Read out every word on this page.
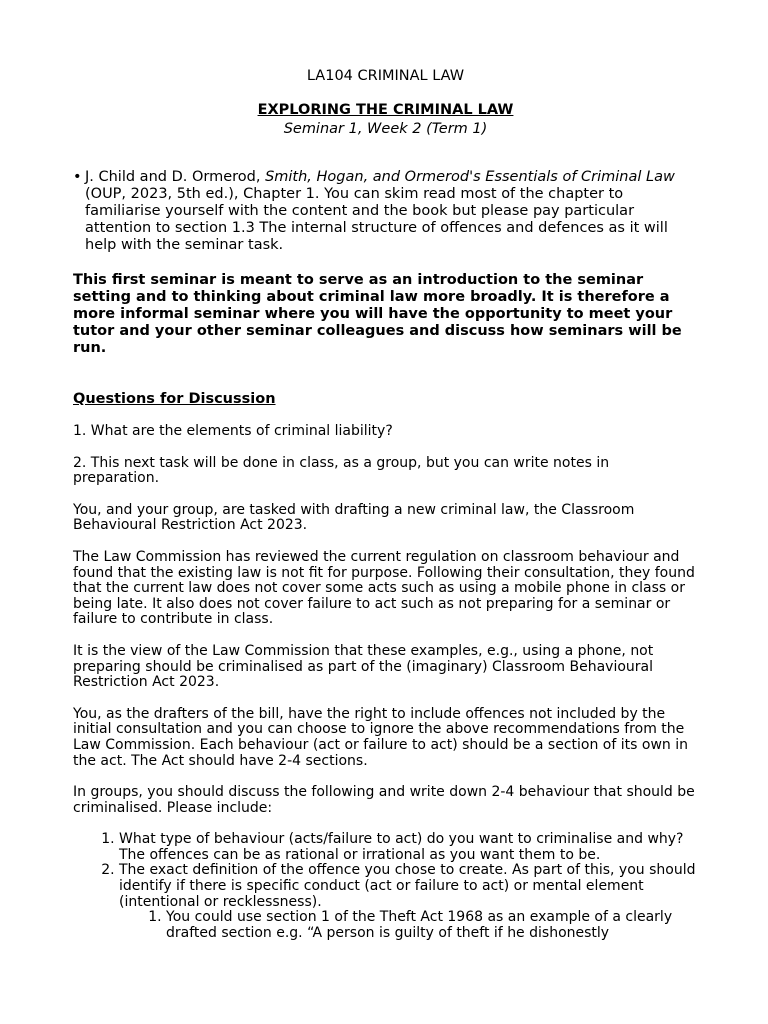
LA104 CRIMINAL LAW

EXPLORING THE CRIMINAL LAW

Seminar 1, Week 2 (Term 1)

• J. Child and D. Ormerod, Smith, Hogan, and Ormerod's Essentials of Criminal Law (OUP, 2023, 5th ed.), Chapter 1. You can skim read most of the chapter to familiarise yourself with the content and the book but please pay particular attention to section 1.3 The internal structure of offences and defences as it will help with the seminar task.
This first seminar is meant to serve as an introduction to the seminar setting and to thinking about criminal law more broadly. It is therefore a more informal seminar where you will have the opportunity to meet your tutor and your other seminar colleagues and discuss how seminars will be run.
Questions for Discussion
1. What are the elements of criminal liability?
2. This next task will be done in class, as a group, but you can write notes in preparation.
You, and your group, are tasked with drafting a new criminal law, the Classroom Behavioural Restriction Act 2023.
The Law Commission has reviewed the current regulation on classroom behaviour and found that the existing law is not fit for purpose. Following their consultation, they found that the current law does not cover some acts such as using a mobile phone in class or being late. It also does not cover failure to act such as not preparing for a seminar or failure to contribute in class.
It is the view of the Law Commission that these examples, e.g., using a phone, not preparing should be criminalised as part of the (imaginary) Classroom Behavioural Restriction Act 2023.
You, as the drafters of the bill, have the right to include offences not included by the initial consultation and you can choose to ignore the above recommendations from the Law Commission. Each behaviour (act or failure to act) should be a section of its own in the act. The Act should have 2-4 sections.
In groups, you should discuss the following and write down 2-4 behaviour that should be criminalised. Please include:
1. What type of behaviour (acts/failure to act) do you want to criminalise and why? The offences can be as rational or irrational as you want them to be.
2. The exact definition of the offence you chose to create. As part of this, you should identify if there is specific conduct (act or failure to act) or mental element (intentional or recklessness).
1. You could use section 1 of the Theft Act 1968 as an example of a clearly drafted section e.g. “A person is guilty of theft if he dishonestly
